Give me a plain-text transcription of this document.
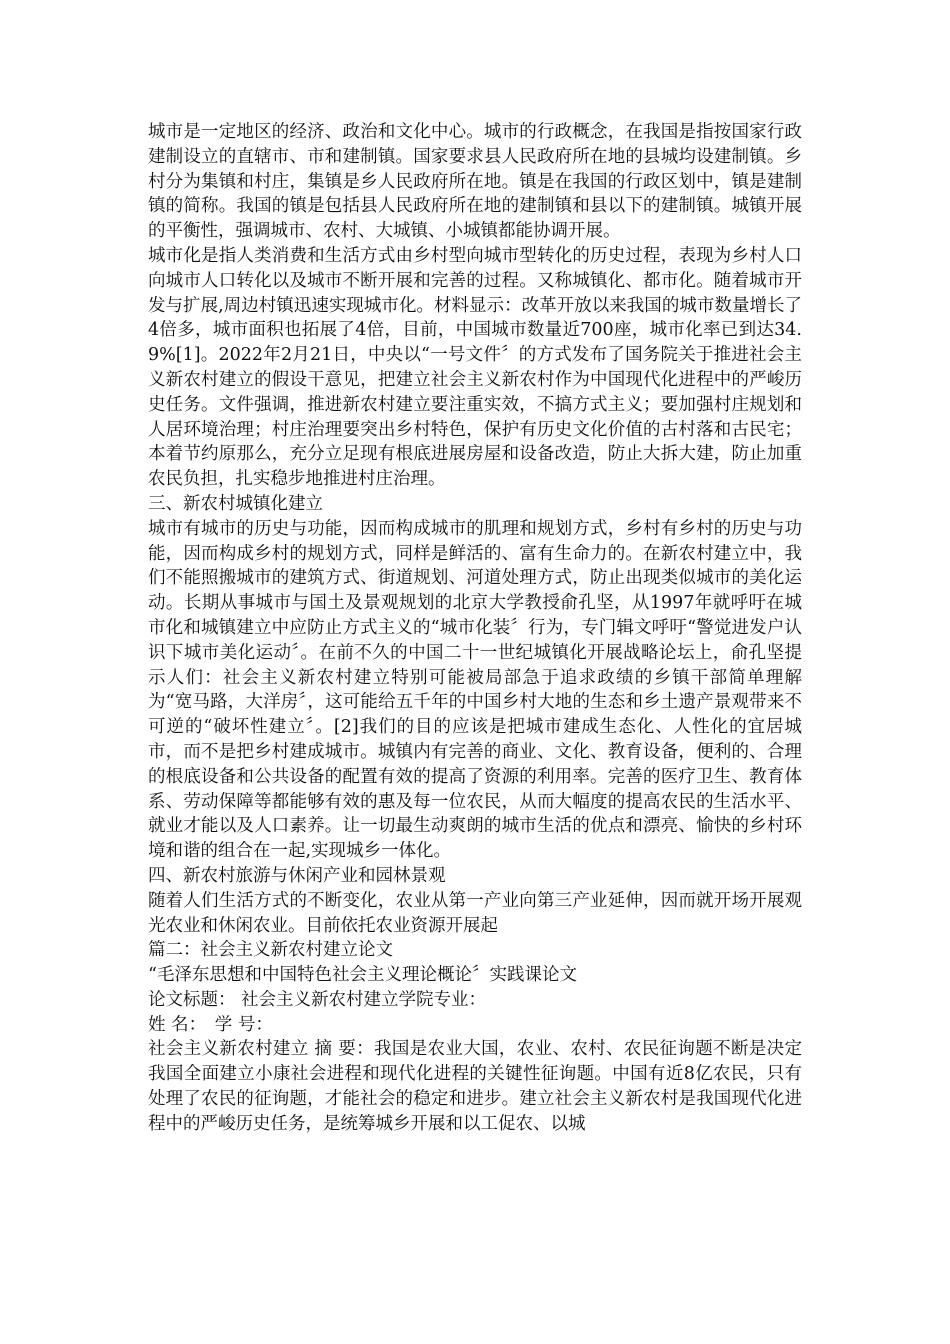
城市是一定地区的经济、政治和文化中心。城市的行政概念，在我国是指按国家行政建制设立的直辖市、市和建制镇。国家要求县人民政府所在地的县城均设建制镇。乡村分为集镇和村庄，集镇是乡人民政府所在地。镇是在我国的行政区划中，镇是建制镇的简称。我国的镇是包括县人民政府所在地的建制镇和县以下的建制镇。城镇开展的平衡性，强调城市、农村、大城镇、小城镇都能协调开展。

城市化是指人类消费和生活方式由乡村型向城市型转化的历史过程，表现为乡村人口向城市人口转化以及城市不断开展和完善的过程。又称城镇化、都市化。随着城市开发与扩展,周边村镇迅速实现城市化。材料显示：改革开放以来我国的城市数量增长了4倍多，城市面积也拓展了4倍，目前，中国城市数量近700座，城市化率已到达34.9%[1]。2022年2月21日，中央以“一号文件〞的方式发布了国务院关于推进社会主义新农村建立的假设干意见，把建立社会主义新农村作为中国现代化进程中的严峻历史任务。文件强调，推进新农村建立要注重实效，不搞方式主义；要加强村庄规划和人居环境治理；村庄治理要突出乡村特色，保护有历史文化价值的古村落和古民宅；本着节约原那么，充分立足现有根底进展房屋和设备改造，防止大拆大建，防止加重农民负担，扎实稳步地推进村庄治理。

三、新农村城镇化建立

城市有城市的历史与功能，因而构成城市的肌理和规划方式，乡村有乡村的历史与功能，因而构成乡村的规划方式，同样是鲜活的、富有生命力的。在新农村建立中，我们不能照搬城市的建筑方式、街道规划、河道处理方式，防止出现类似城市的美化运动。长期从事城市与国土及景观规划的北京大学教授俞孔坚，从1997年就呼吁在城市化和城镇建立中应防止方式主义的“城市化装〞行为，专门辑文呼吁“警觉进发户认识下城市美化运动〞。在前不久的中国二十一世纪城镇化开展战略论坛上，俞孔坚提示人们：社会主义新农村建立特别可能被局部急于追求政绩的乡镇干部简单理解为“宽马路，大洋房〞，这可能给五千年的中国乡村大地的生态和乡土遗产景观带来不可逆的“破坏性建立〞。[2]我们的目的应该是把城市建成生态化、人性化的宜居城市，而不是把乡村建成城市。城镇内有完善的商业、文化、教育设备，便利的、合理的根底设备和公共设备的配置有效的提高了资源的利用率。完善的医疗卫生、教育体系、劳动保障等都能够有效的惠及每一位农民，从而大幅度的提高农民的生活水平、就业才能以及人口素养。让一切最生动爽朗的城市生活的优点和漂亮、愉快的乡村环境和谐的组合在一起,实现城乡一体化。

四、新农村旅游与休闲产业和园林景观

随着人们生活方式的不断变化，农业从第一产业向第三产业延伸，因而就开场开展观光农业和休闲农业。目前依托农业资源开展起

篇二：社会主义新农村建立论文

“毛泽东思想和中国特色社会主义理论概论〞实践课论文

论文标题： 社会主义新农村建立学院专业：

姓 名：　学 号：

社会主义新农村建立 摘 要：我国是农业大国，农业、农村、农民征询题不断是决定我国全面建立小康社会进程和现代化进程的关键性征询题。中国有近8亿农民，只有处理了农民的征询题，才能社会的稳定和进步。建立社会主义新农村是我国现代化进程中的严峻历史任务，是统筹城乡开展和以工促农、以城
